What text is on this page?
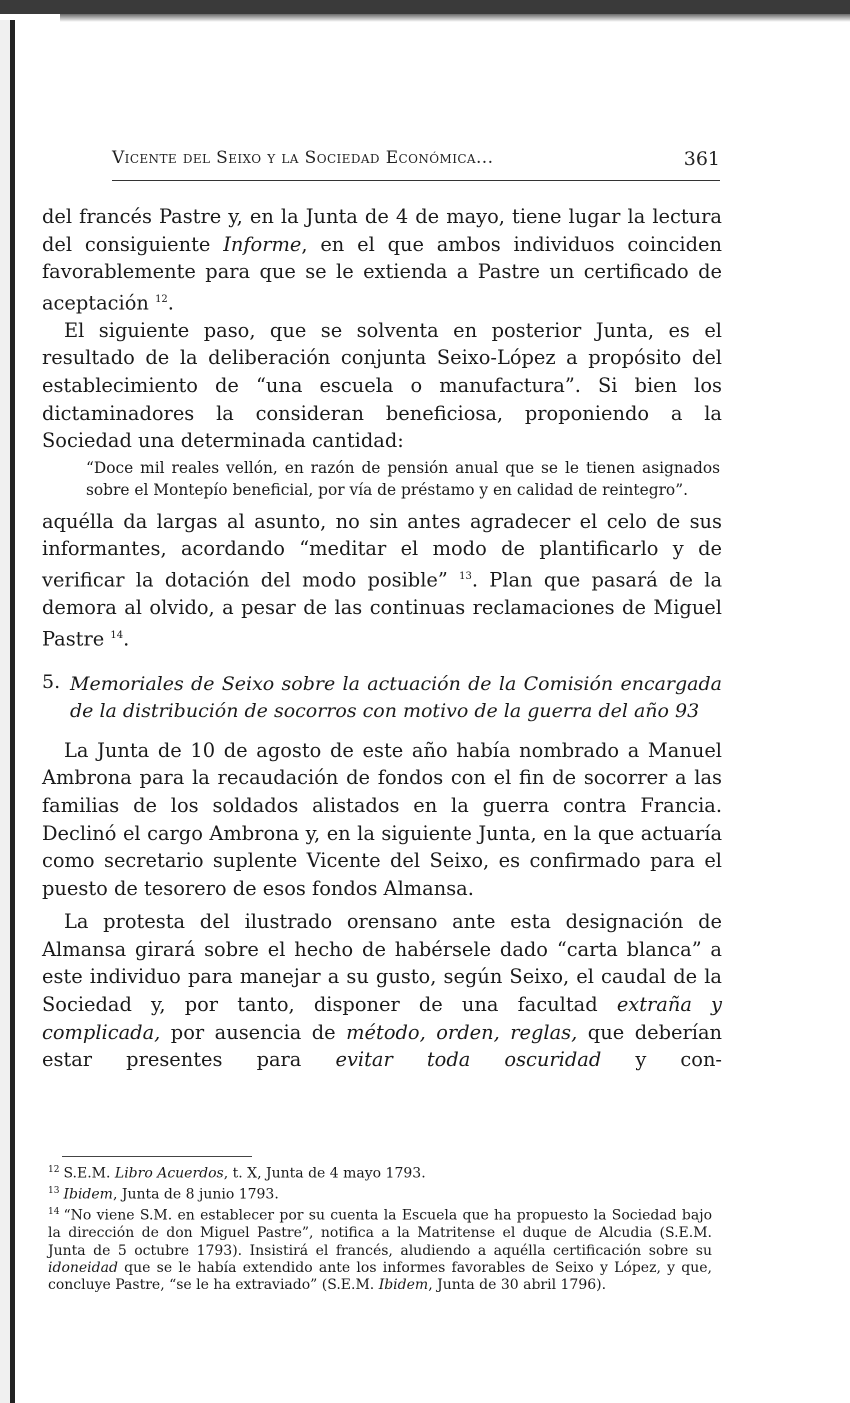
Vicente del Seixo y la Sociedad Económica...	361

del francés Pastre y, en la Junta de 4 de mayo, tiene lugar la lectura del consiguiente Informe, en el que ambos individuos coinciden favorablemente para que se le extienda a Pastre un certificado de aceptación $^{12}$.

El siguiente paso, que se solventa en posterior Junta, es el resultado de la deliberación conjunta Seixo-López a propósito del establecimiento de “una escuela o manufactura”. Si bien los dictaminadores la consideran beneficiosa, proponiendo a la Sociedad una determinada cantidad:

“Doce mil reales vellón, en razón de pensión anual que se le tienen asignados sobre el Montepío beneficial, por vía de préstamo y en calidad de reintegro”.

aquélla da largas al asunto, no sin antes agradecer el celo de sus informantes, acordando “meditar el modo de plantificarlo y de verificar la dotación del modo posible” $^{13}$. Plan que pasará de la demora al olvido, a pesar de las continuas reclamaciones de Miguel Pastre $^{14}$.

5. Memoriales de Seixo sobre la actuación de la Comisión encargada de la distribución de socorros con motivo de la guerra del año 93

La Junta de 10 de agosto de este año había nombrado a Manuel Ambrona para la recaudación de fondos con el fin de socorrer a las familias de los soldados alistados en la guerra contra Francia. Declinó el cargo Ambrona y, en la siguiente Junta, en la que actuaría como secretario suplente Vicente del Seixo, es confirmado para el puesto de tesorero de esos fondos Almansa.

La protesta del ilustrado orensano ante esta designación de Almansa girará sobre el hecho de habérsele dado “carta blanca” a este individuo para manejar a su gusto, según Seixo, el caudal de la Sociedad y, por tanto, disponer de una facultad extraña y complicada, por ausencia de método, orden, reglas, que deberían estar presentes para evitar toda oscuridad y con-

$^{12}$ S.E.M. Libro Acuerdos, t. X, Junta de 4 mayo 1793.

$^{13}$ Ibidem, Junta de 8 junio 1793.

$^{14}$ “No viene S.M. en establecer por su cuenta la Escuela que ha propuesto la Sociedad bajo la dirección de don Miguel Pastre”, notifica a la Matritense el duque de Alcudia (S.E.M. Junta de 5 octubre 1793). Insistirá el francés, aludiendo a aquélla certificación sobre su idoneidad que se le había extendido ante los informes favorables de Seixo y López, y que, concluye Pastre, “se le ha extraviado” (S.E.M. Ibidem, Junta de 30 abril 1796).
